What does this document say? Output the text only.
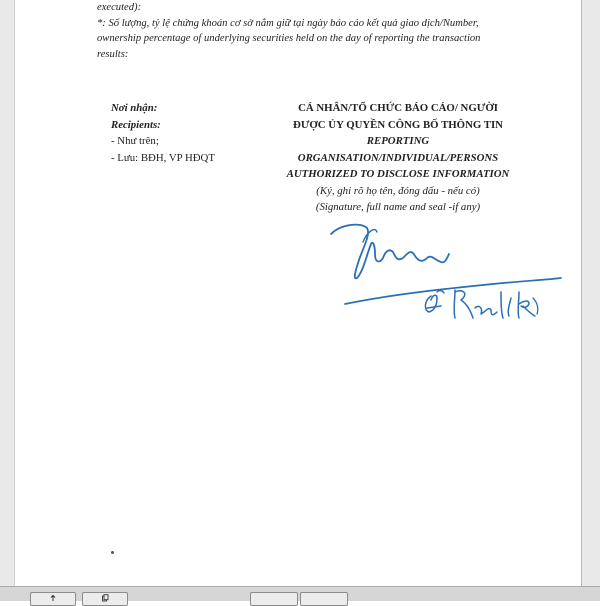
executed):

*: Số lượng, tỷ lệ chứng khoán cơ sở nắm giữ tại ngày báo cáo kết quả giao dịch/Number,

ownership percentage of underlying securities held on the day of reporting the transaction

results:

Nơi nhận:
Recipients:
- Như trên;
- Lưu: BĐH, VP HĐQT
CÁ NHÂN/TỔ CHỨC BÁO CÁO/ NGƯỜI
ĐƯỢC ỦY QUYỀN CÔNG BỐ THÔNG TIN
REPORTING
ORGANISATION/INDIVIDUAL/PERSONS
AUTHORIZED TO DISCLOSE INFORMATION
(Ký, ghi rõ họ tên, đóng dấu - nếu có)
(Signature, full name and seal -if any)
